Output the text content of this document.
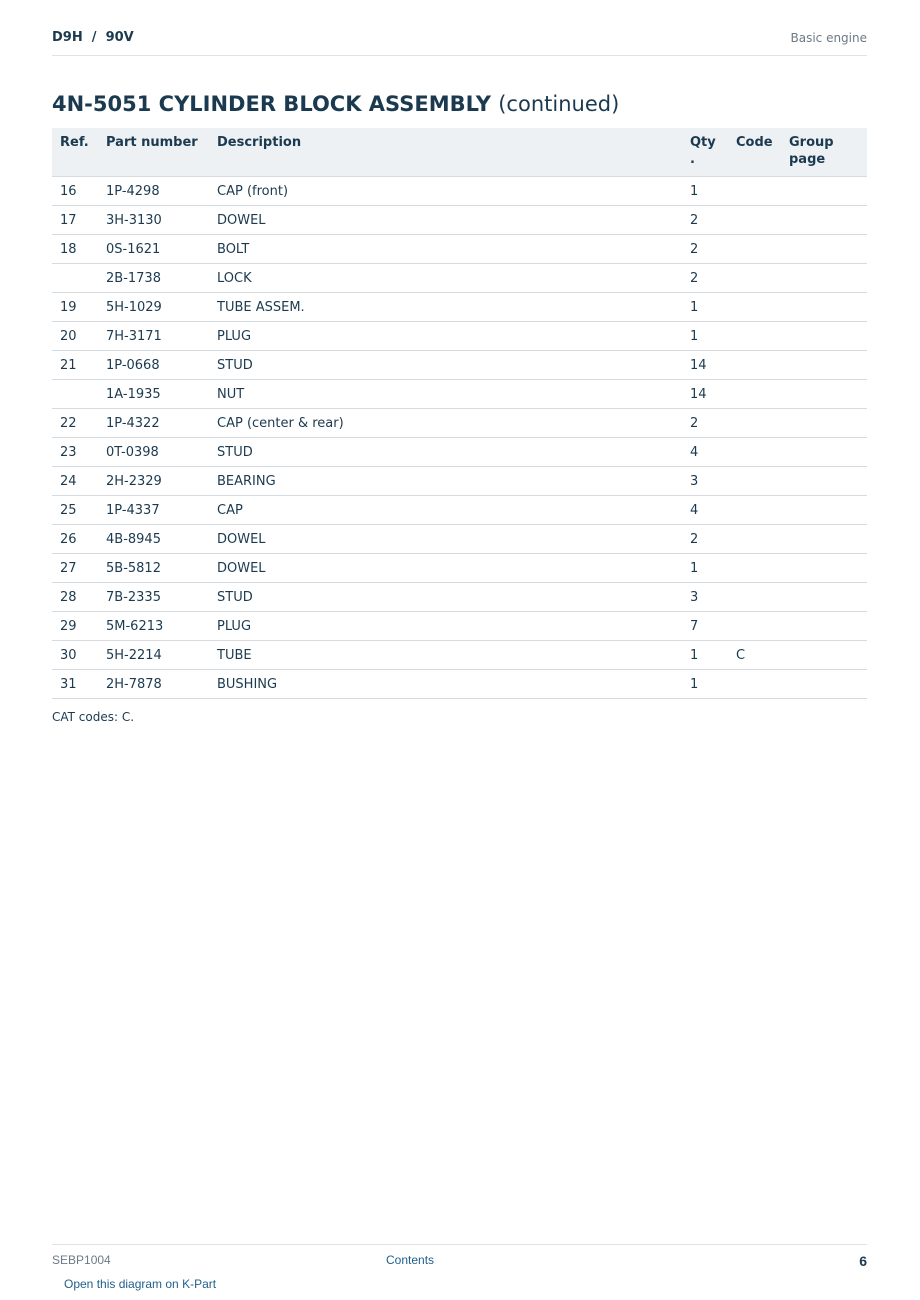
D9H  /  90V	Basic engine
4N-5051 CYLINDER BLOCK ASSEMBLY (continued)
Ref.	Part number	Description	Qty .	Code	Group page
16	1P-4298	CAP (front)	1		
17	3H-3130	DOWEL	2		
18	0S-1621	BOLT	2		
	2B-1738	LOCK	2		
19	5H-1029	TUBE ASSEM.	1		
20	7H-3171	PLUG	1		
21	1P-0668	STUD	14		
	1A-1935	NUT	14		
22	1P-4322	CAP (center & rear)	2		
23	0T-0398	STUD	4		
24	2H-2329	BEARING	3		
25	1P-4337	CAP	4		
26	4B-8945	DOWEL	2		
27	5B-5812	DOWEL	1		
28	7B-2335	STUD	3		
29	5M-6213	PLUG	7		
30	5H-2214	TUBE	1	C	
31	2H-7878	BUSHING	1		
CAT codes: C.
SEBP1004	Contents	6
Open this diagram on K-Part
